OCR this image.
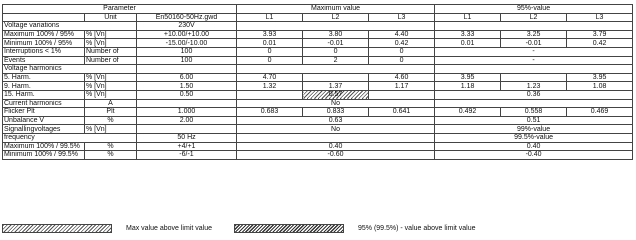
Parameter			Maximum value			95%-value		
	Unit	En50160-50Hz.gwd	L1	L2	L3	L1	L2	L3
Voltage variations		230V						
Maximum 100% / 95%	% [Vn]	+10.00/+10.00	3.93	3.80	4.40	3.33	3.25	3.79
Minimum 100% / 95%	% [Vn]	-15.00/-10.00	0.01	-0.01	0.42	0.01	-0.01	0.42
Interruptions < 1%	Number of	100	0	0	0	-		
Events	Number of	100	0	2	0	-		
Voltage harmonics								
5. Harm.	% [Vn]	6.00	4.70		4.60	3.95		3.95
9. Harm.	% [Vn]	1.50	1.32	1.37	1.17	1.18	1.23	1.08
15. Harm.	% [Vn]	0.50		0.57		0.36		
Current harmonics	A		No					
Flicker Plt	Plt	1.000	0.683	0.833	0.641	0.492	0.558	0.469
Unbalance V	%	2.00	0.63			0.51		
Signallingvoltages	% [Vn]		No			99%-value		
frequency		50 Hz				99.5%-value		
Maximum 100% / 99.5%	%	+4/+1	0.40			0.40		
Minimum 100% / 99.5%	%	-6/-1	-0.60			-0.40		
Max value above limit value	95% (99.5%) - value above limit value
